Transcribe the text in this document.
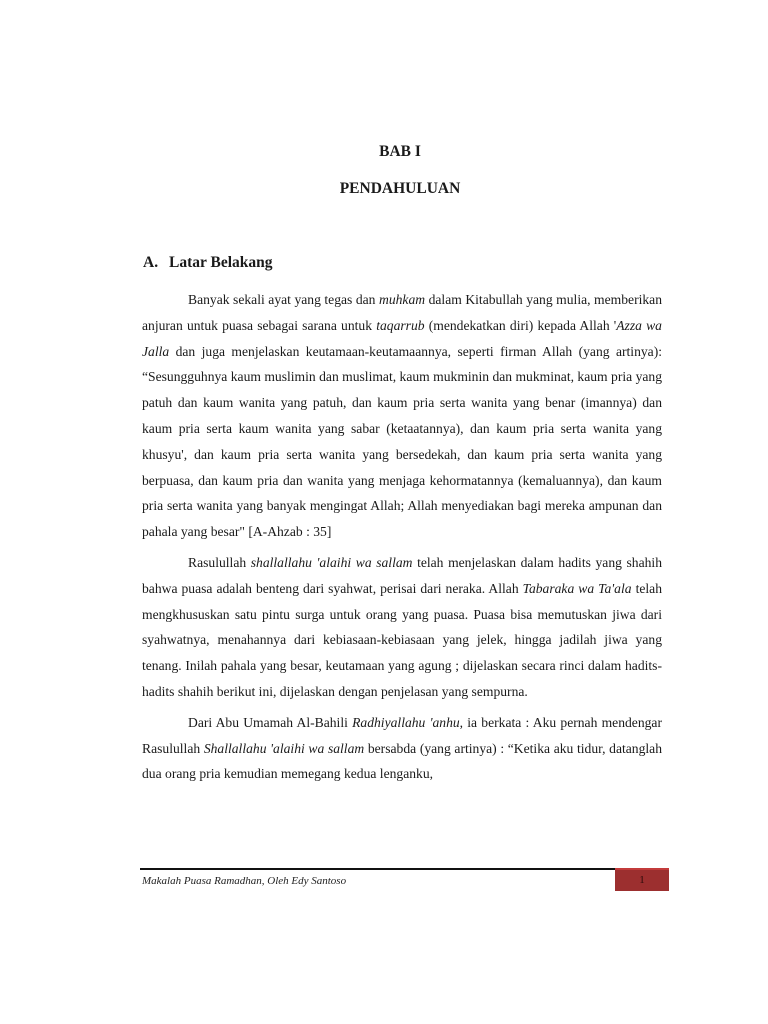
BAB I
PENDAHULUAN
A. Latar Belakang

Banyak sekali ayat yang tegas dan muhkam dalam Kitabullah yang mulia, memberikan anjuran untuk puasa sebagai sarana untuk taqarrub (mendekatkan diri) kepada Allah 'Azza wa Jalla dan juga menjelaskan keutamaan-keutamaannya, seperti firman Allah (yang artinya): “Sesungguhnya kaum muslimin dan muslimat, kaum mukminin dan mukminat, kaum pria yang patuh dan kaum wanita yang patuh, dan kaum pria serta wanita yang benar (imannya) dan kaum pria serta kaum wanita yang sabar (ketaatannya), dan kaum pria serta wanita yang khusyu', dan kaum pria serta wanita yang bersedekah, dan kaum pria serta wanita yang berpuasa, dan kaum pria dan wanita yang menjaga kehormatannya (kemaluannya), dan kaum pria serta wanita yang banyak mengingat Allah; Allah menyediakan bagi mereka ampunan dan pahala yang besar" [A-Ahzab : 35]

Rasulullah shallallahu 'alaihi wa sallam telah menjelaskan dalam hadits yang shahih bahwa puasa adalah benteng dari syahwat, perisai dari neraka. Allah Tabaraka wa Ta'ala telah mengkhususkan satu pintu surga untuk orang yang puasa. Puasa bisa memutuskan jiwa dari syahwatnya, menahannya dari kebiasaan-kebiasaan yang jelek, hingga jadilah jiwa yang tenang. Inilah pahala yang besar, keutamaan yang agung ; dijelaskan secara rinci dalam hadits-hadits shahih berikut ini, dijelaskan dengan penjelasan yang sempurna.

Dari Abu Umamah Al-Bahili Radhiyallahu 'anhu, ia berkata : Aku pernah mendengar Rasulullah Shallallahu 'alaihi wa sallam bersabda (yang artinya) : “Ketika aku tidur, datanglah dua orang pria kemudian memegang kedua lenganku,

Makalah Puasa Ramadhan, Oleh Edy Santoso	1
